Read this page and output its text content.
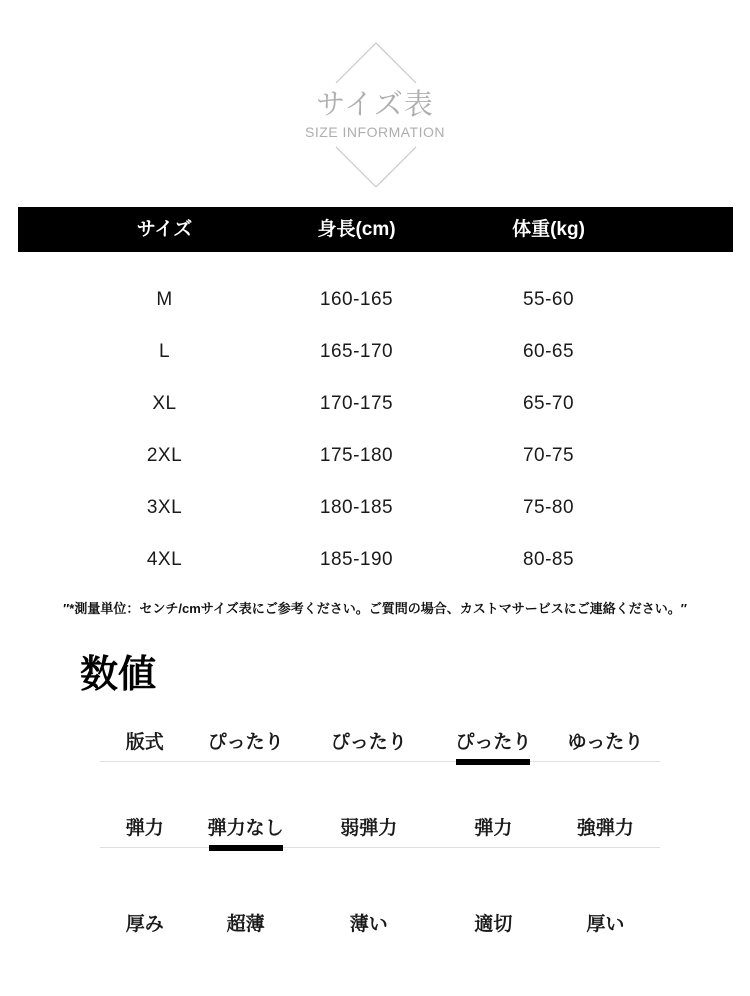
サイズ表
SIZE INFORMATION
サイズ	身長(cm)	体重(kg)
M	160-165	55-60
L	165-170	60-65
XL	170-175	65-70
2XL	175-180	70-75
3XL	180-185	75-80
4XL	185-190	80-85
″*測量単位：センチ/cmサイズ表にご参考ください。ご質問の場合、カストマサービスにご連絡ください。″
数値
版式	ぴったり	ぴったり	ぴったり	ゆったり
弾力	弾力なし	弱弾力	弾力	強弾力
厚み	超薄	薄い	適切	厚い
